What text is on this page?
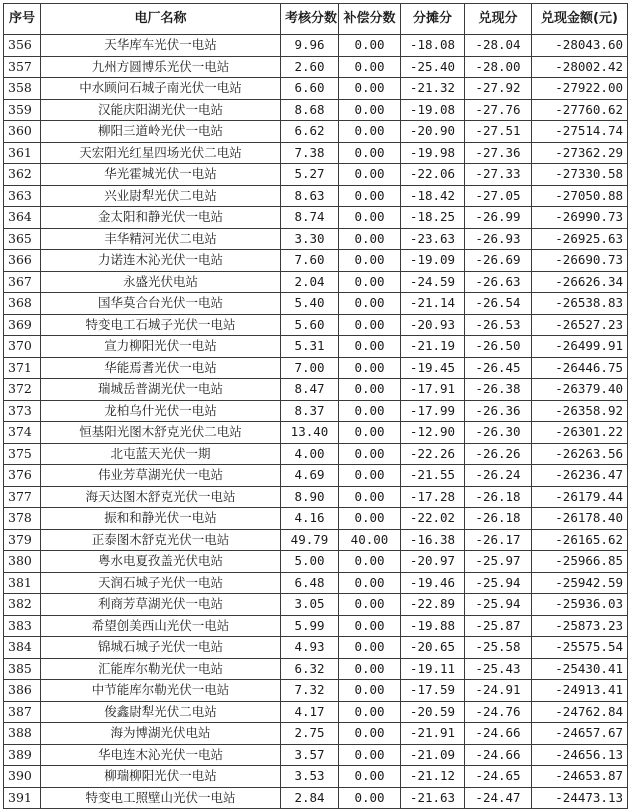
序号	电厂名称	考核分数	补偿分数	分摊分	兑现分	兑现金额(元)
356	天华库车光伏一电站	9.96	0.00	-18.08	-28.04	-28043.60
357	九州方圆博乐光伏一电站	2.60	0.00	-25.40	-28.00	-28002.42
358	中水顾问石城子南光伏一电站	6.60	0.00	-21.32	-27.92	-27922.00
359	汉能庆阳湖光伏一电站	8.68	0.00	-19.08	-27.76	-27760.62
360	柳阳三道岭光伏一电站	6.62	0.00	-20.90	-27.51	-27514.74
361	天宏阳光红星四场光伏二电站	7.38	0.00	-19.98	-27.36	-27362.29
362	华光霍城光伏一电站	5.27	0.00	-22.06	-27.33	-27330.58
363	兴业尉犁光伏二电站	8.63	0.00	-18.42	-27.05	-27050.88
364	金太阳和静光伏一电站	8.74	0.00	-18.25	-26.99	-26990.73
365	丰华精河光伏二电站	3.30	0.00	-23.63	-26.93	-26925.63
366	力诺连木沁光伏一电站	7.60	0.00	-19.09	-26.69	-26690.73
367	永盛光伏电站	2.04	0.00	-24.59	-26.63	-26626.34
368	国华莫合台光伏一电站	5.40	0.00	-21.14	-26.54	-26538.83
369	特变电工石城子光伏一电站	5.60	0.00	-20.93	-26.53	-26527.23
370	宣力柳阳光伏一电站	5.31	0.00	-21.19	-26.50	-26499.91
371	华能焉耆光伏一电站	7.00	0.00	-19.45	-26.45	-26446.75
372	瑞城岳普湖光伏一电站	8.47	0.00	-17.91	-26.38	-26379.40
373	龙柏乌什光伏一电站	8.37	0.00	-17.99	-26.36	-26358.92
374	恒基阳光图木舒克光伏二电站	13.40	0.00	-12.90	-26.30	-26301.22
375	北屯蓝天光伏一期	4.00	0.00	-22.26	-26.26	-26263.56
376	伟业芳草湖光伏一电站	4.69	0.00	-21.55	-26.24	-26236.47
377	海天达图木舒克光伏一电站	8.90	0.00	-17.28	-26.18	-26179.44
378	振和和静光伏一电站	4.16	0.00	-22.02	-26.18	-26178.40
379	正泰图木舒克光伏一电站	49.79	40.00	-16.38	-26.17	-26165.62
380	粤水电夏孜盖光伏电站	5.00	0.00	-20.97	-25.97	-25966.85
381	天润石城子光伏一电站	6.48	0.00	-19.46	-25.94	-25942.59
382	利商芳草湖光伏一电站	3.05	0.00	-22.89	-25.94	-25936.03
383	希望创美西山光伏一电站	5.99	0.00	-19.88	-25.87	-25873.23
384	锦城石城子光伏一电站	4.93	0.00	-20.65	-25.58	-25575.54
385	汇能库尔勒光伏一电站	6.32	0.00	-19.11	-25.43	-25430.41
386	中节能库尔勒光伏一电站	7.32	0.00	-17.59	-24.91	-24913.41
387	俊鑫尉犁光伏二电站	4.17	0.00	-20.59	-24.76	-24762.84
388	海为博湖光伏电站	2.75	0.00	-21.91	-24.66	-24657.67
389	华电连木沁光伏一电站	3.57	0.00	-21.09	-24.66	-24656.13
390	柳瑞柳阳光伏一电站	3.53	0.00	-21.12	-24.65	-24653.87
391	特变电工照壁山光伏一电站	2.84	0.00	-21.63	-24.47	-24473.13
